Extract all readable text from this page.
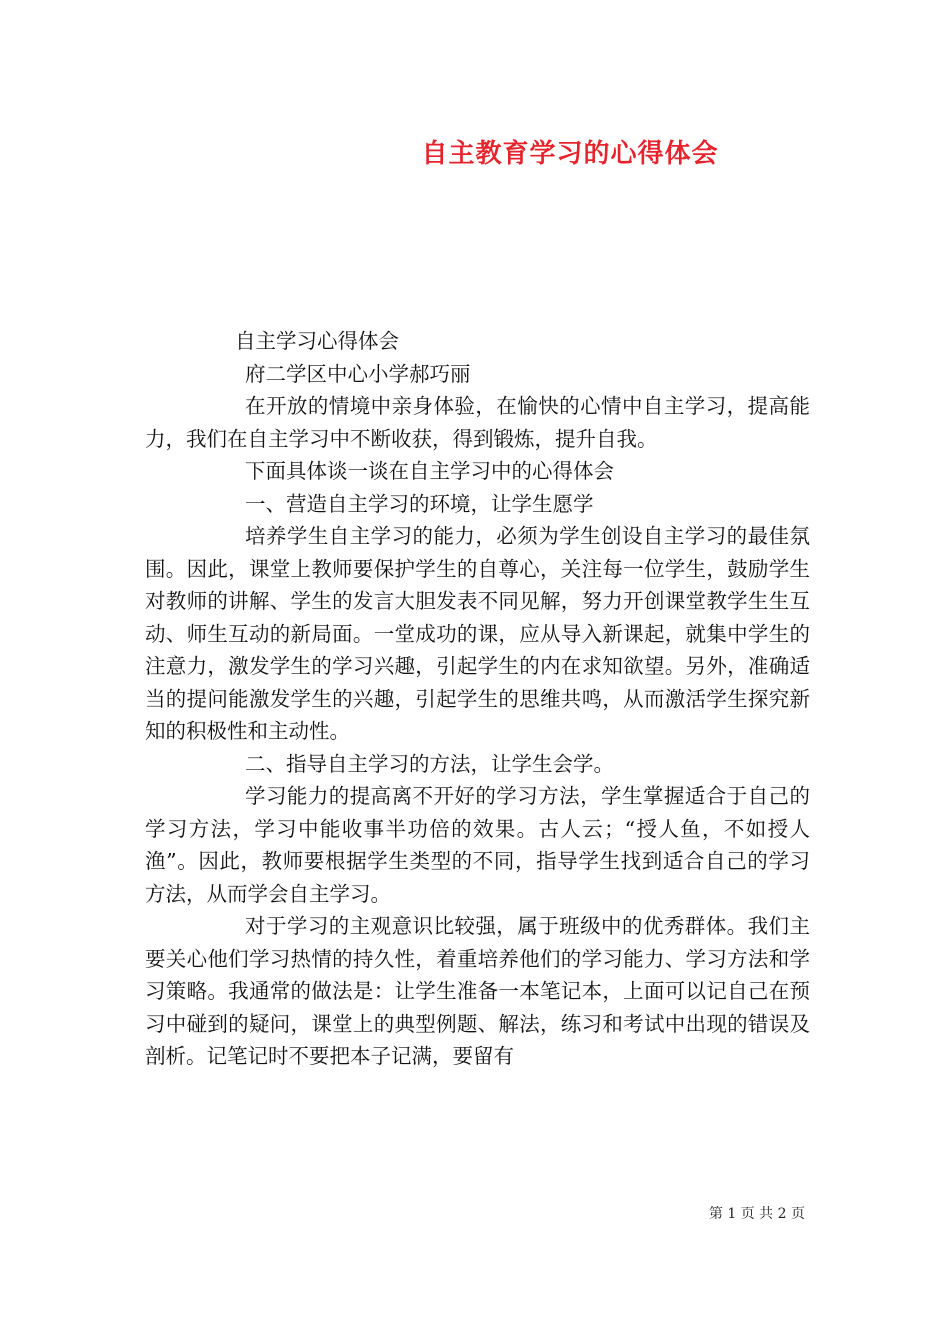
自主教育学习的心得体会

自主学习心得体会

府二学区中心小学郝巧丽

在开放的情境中亲身体验，在愉快的心情中自主学习，提高能力，我们在自主学习中不断收获，得到锻炼，提升自我。

下面具体谈一谈在自主学习中的心得体会

一、营造自主学习的环境，让学生愿学

培养学生自主学习的能力，必须为学生创设自主学习的最佳氛围。因此，课堂上教师要保护学生的自尊心，关注每一位学生，鼓励学生对教师的讲解、学生的发言大胆发表不同见解，努力开创课堂教学生生互动、师生互动的新局面。一堂成功的课，应从导入新课起，就集中学生的注意力，激发学生的学习兴趣，引起学生的内在求知欲望。另外，准确适当的提问能激发学生的兴趣，引起学生的思维共鸣，从而激活学生探究新知的积极性和主动性。

二、指导自主学习的方法，让学生会学。

学习能力的提高离不开好的学习方法，学生掌握适合于自己的学习方法，学习中能收事半功倍的效果。古人云；“授人鱼，不如授人渔”。因此，教师要根据学生类型的不同，指导学生找到适合自己的学习方法，从而学会自主学习。

对于学习的主观意识比较强，属于班级中的优秀群体。我们主要关心他们学习热情的持久性，着重培养他们的学习能力、学习方法和学习策略。我通常的做法是：让学生准备一本笔记本，上面可以记自己在预习中碰到的疑问，课堂上的典型例题、解法，练习和考试中出现的错误及剖析。记笔记时不要把本子记满，要留有

第 1 页 共 2 页
